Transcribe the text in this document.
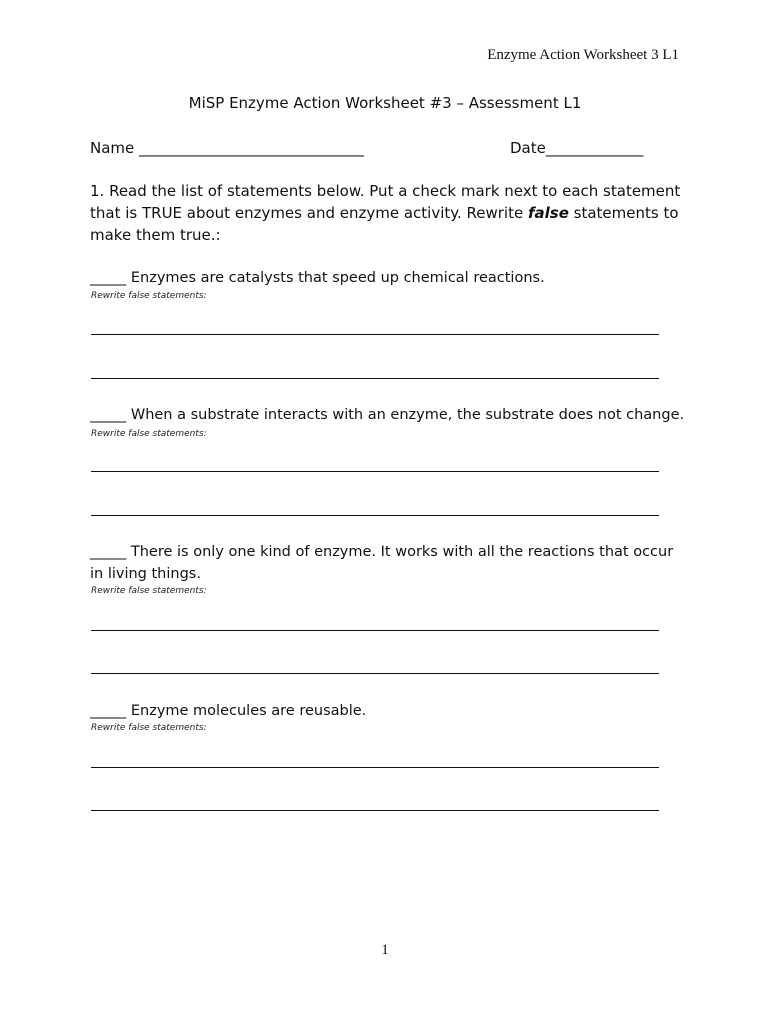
Enzyme Action Worksheet 3 L1
MiSP Enzyme Action Worksheet #3 – Assessment L1
Name ______________________________	Date_____________
1. Read the list of statements below. Put a check mark next to each statement that is TRUE about enzymes and enzyme activity. Rewrite false statements to make them true.:
_____ Enzymes are catalysts that speed up chemical reactions.
Rewrite false statements:
_____ When a substrate interacts with an enzyme, the substrate does not change.
Rewrite false statements:
_____ There is only one kind of enzyme. It works with all the reactions that occur in living things.
Rewrite false statements:
_____ Enzyme molecules are reusable.
Rewrite false statements:
1
